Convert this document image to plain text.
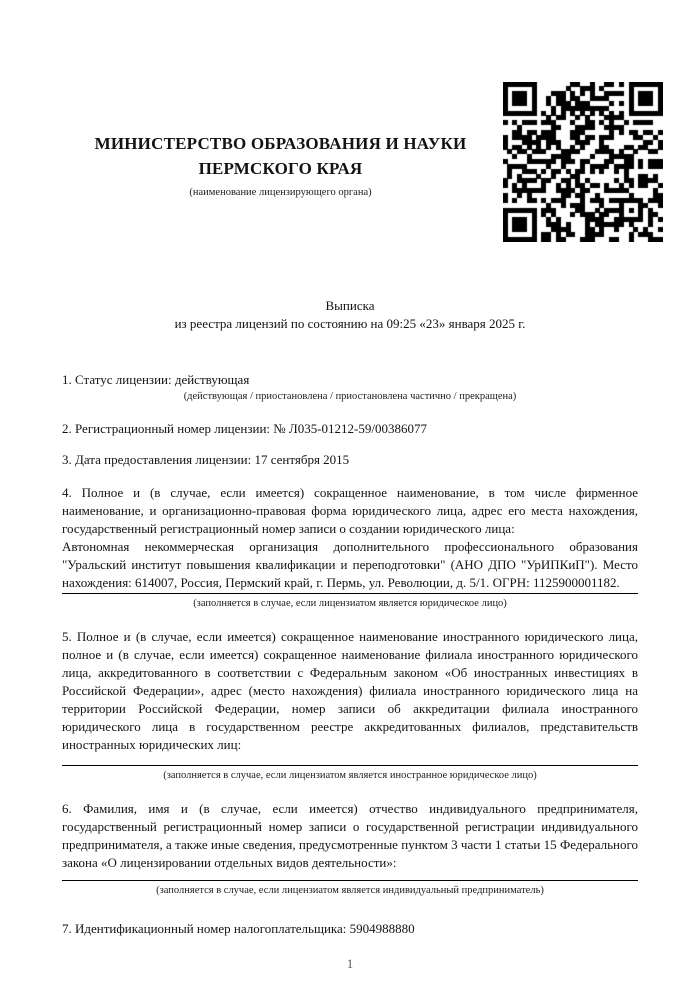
МИНИСТЕРСТВО ОБРАЗОВАНИЯ И НАУКИ
ПЕРМСКОГО КРАЯ
(наименование лицензирующего органа)
Выписка
из реестра лицензий по состоянию на 09:25 «23» января 2025 г.

1. Статус лицензии: действующая

(действующая / приостановлена / приостановлена частично / прекращена)

2. Регистрационный номер лицензии: № Л035-01212-59/00386077

3. Дата предоставления лицензии: 17 сентября 2015

4. Полное и (в случае, если имеется) сокращенное наименование, в том числе фирменное наименование, и организационно-правовая форма юридического лица, адрес его места нахождения, государственный регистрационный номер записи о создании юридического лица:

Автономная некоммерческая организация дополнительного профессионального образования "Уральский институт повышения квалификации и переподготовки" (АНО ДПО "УрИПКиП"). Место нахождения: 614007, Россия, Пермский край, г. Пермь, ул. Революции, д. 5/1. ОГРН: 1125900001182.

(заполняется в случае, если лицензиатом является юридическое лицо)

5. Полное и (в случае, если имеется) сокращенное наименование иностранного юридического лица, полное и (в случае, если имеется) сокращенное наименование филиала иностранного юридического лица, аккредитованного в соответствии с Федеральным законом «Об иностранных инвестициях в Российской Федерации», адрес (место нахождения) филиала иностранного юридического лица на территории Российской Федерации, номер записи об аккредитации филиала иностранного юридического лица в государственном реестре аккредитованных филиалов, представительств иностранных юридических лиц:

(заполняется в случае, если лицензиатом является иностранное юридическое лицо)

6. Фамилия, имя и (в случае, если имеется) отчество индивидуального предпринимателя, государственный регистрационный номер записи о государственной регистрации индивидуального предпринимателя, а также иные сведения, предусмотренные пунктом 3 части 1 статьи 15 Федерального закона «О лицензировании отдельных видов деятельности»:

(заполняется в случае, если лицензиатом является индивидуальный предприниматель)

7. Идентификационный номер налогоплательщика: 5904988880

1
